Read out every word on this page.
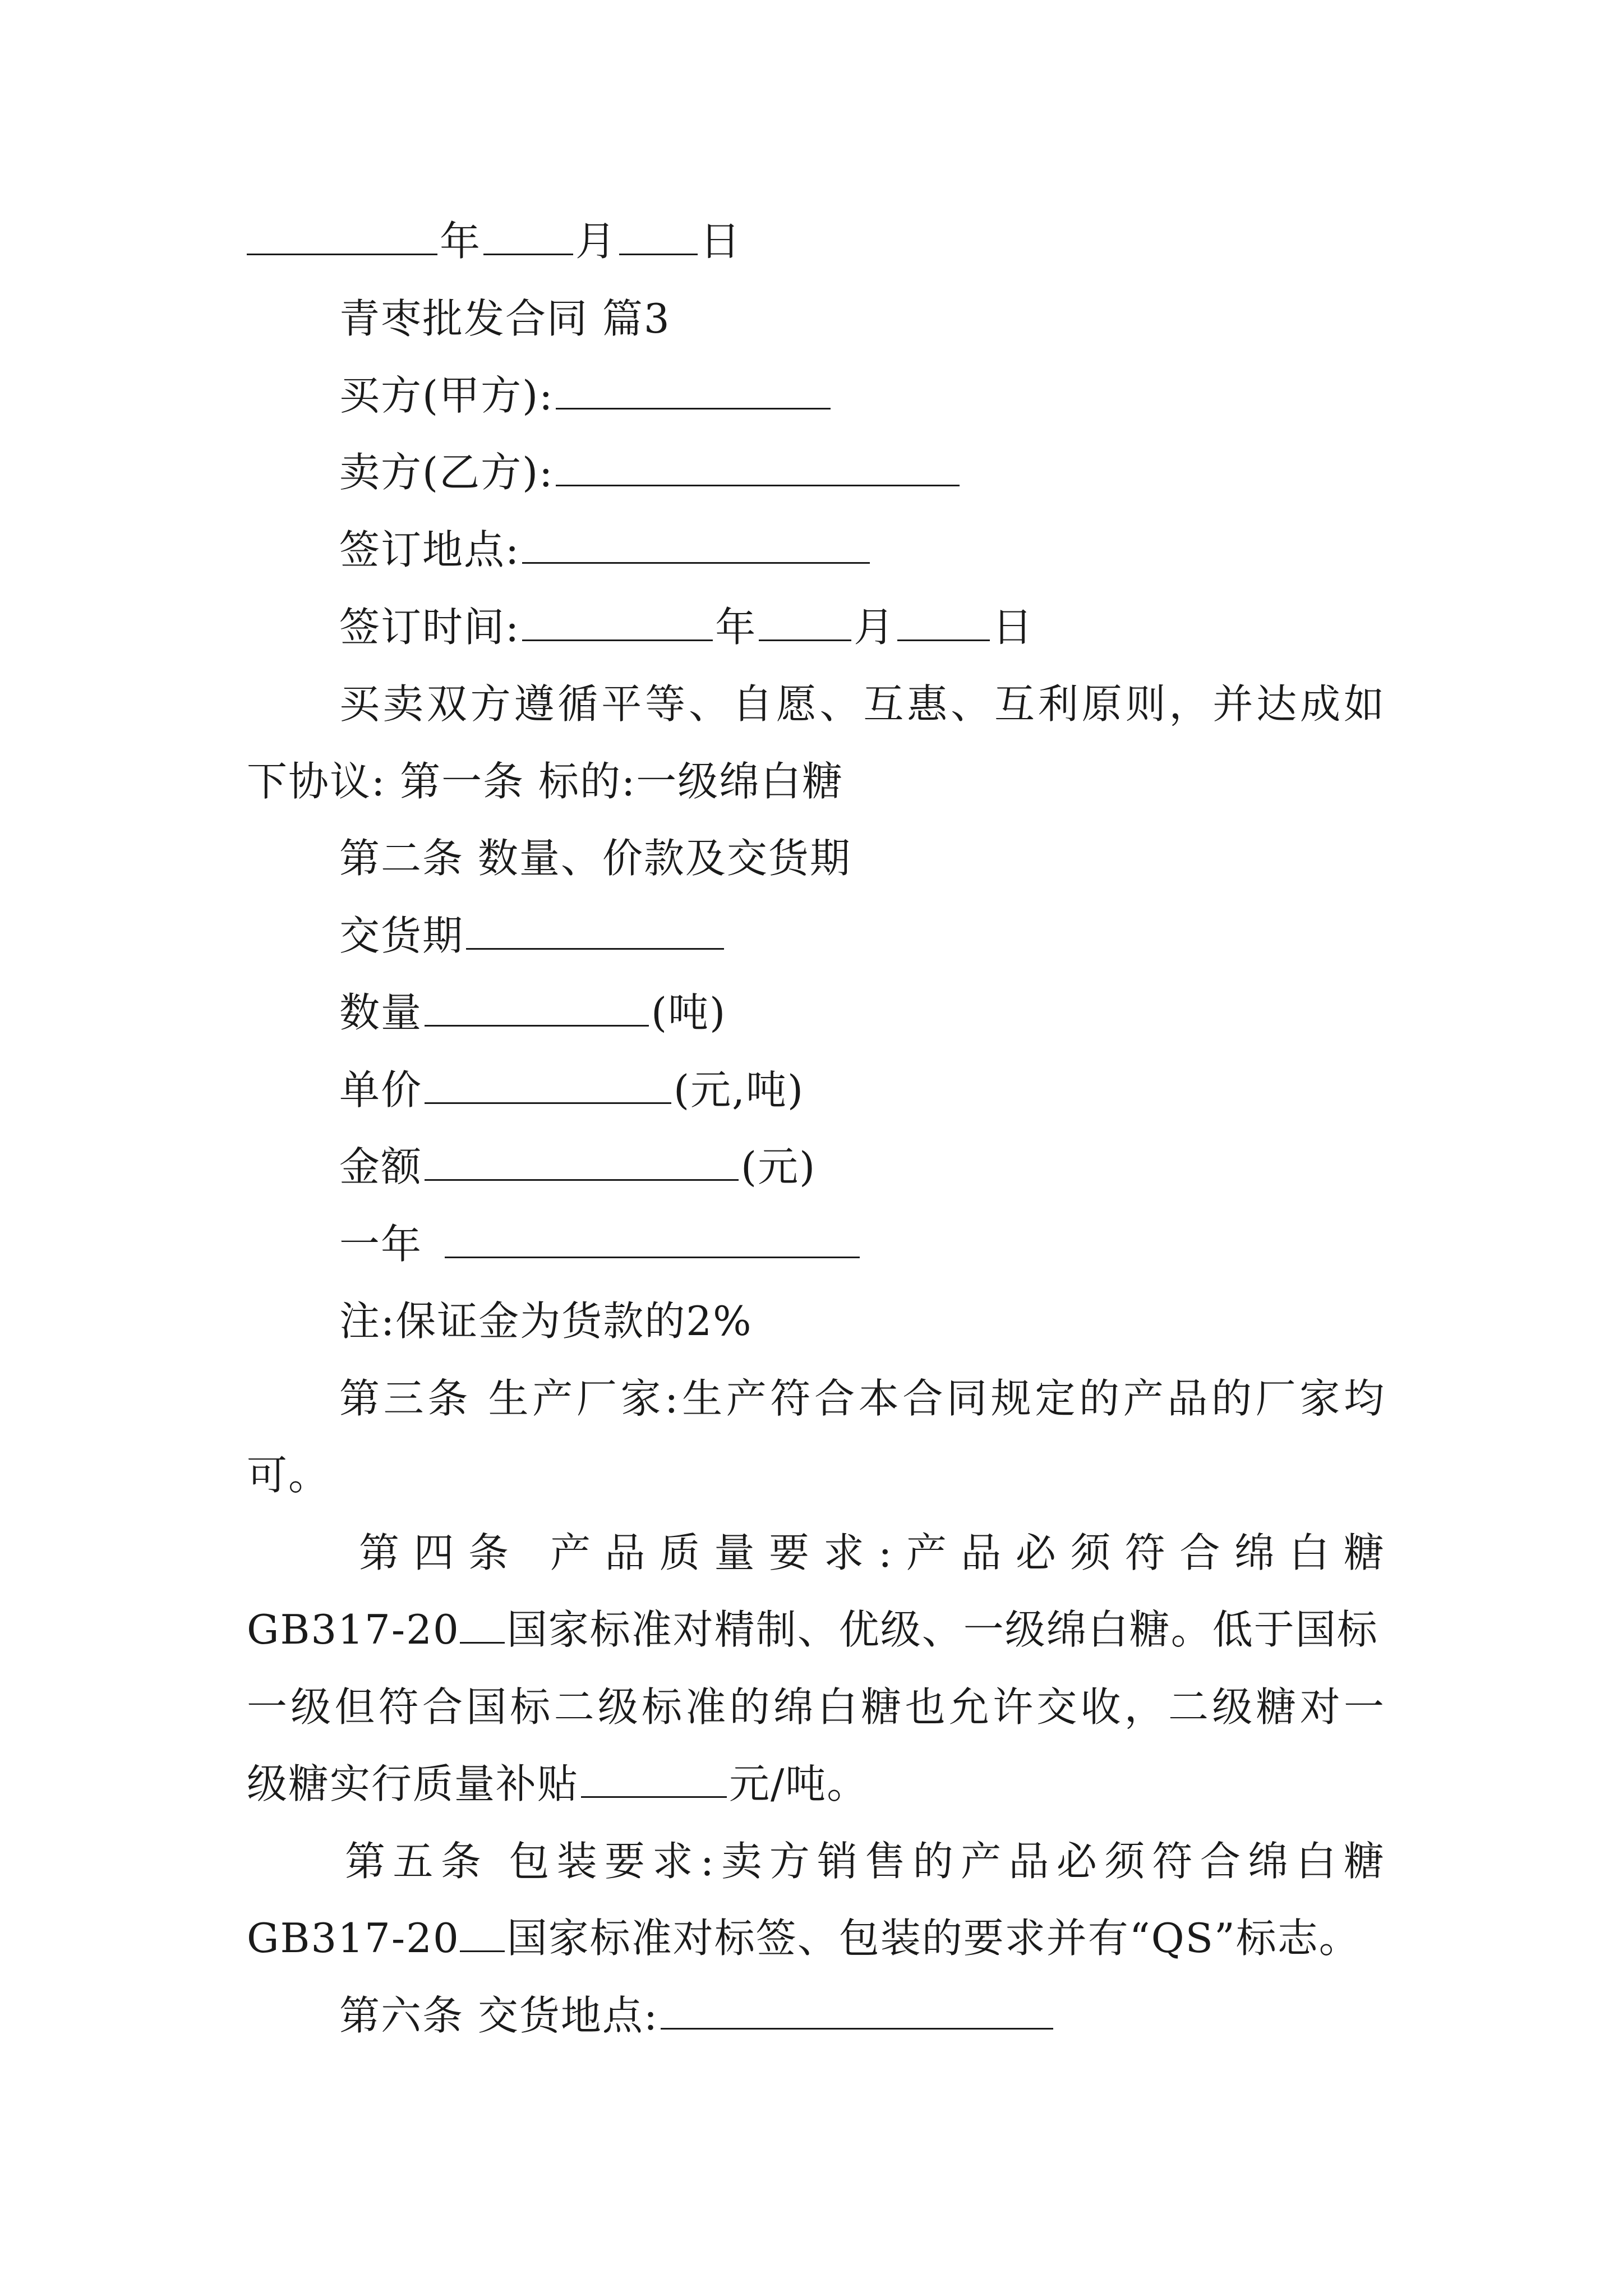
年 月 日
青枣批发合同 篇3
买方(甲方):
卖方(乙方):
签订地点:
签订时间:	年 月 日
买卖双方遵循平等、自愿、互惠、互利原则，并达成如
下协议: 第一条 标的:一级绵白糖
第二条 数量、价款及交货期
交货期
数量	(吨)
单价	(元,吨)
金额	(元)
一年
注:保证金为货款的2%
第三条 生产厂家:生产符合本合同规定的产品的厂家均
可。
第四条 产品质量要求:产品必须符合绵白糖
GB317-20 国家标准对精制、优级、一级绵白糖。低于国标
一级但符合国标二级标准的绵白糖也允许交收，二级糖对一
级糖实行质量补贴	元/吨。
第五条 包装要求:卖方销售的产品必须符合绵白糖
GB317-20 国家标准对标签、包装的要求并有“QS”标志。
第六条 交货地点:
